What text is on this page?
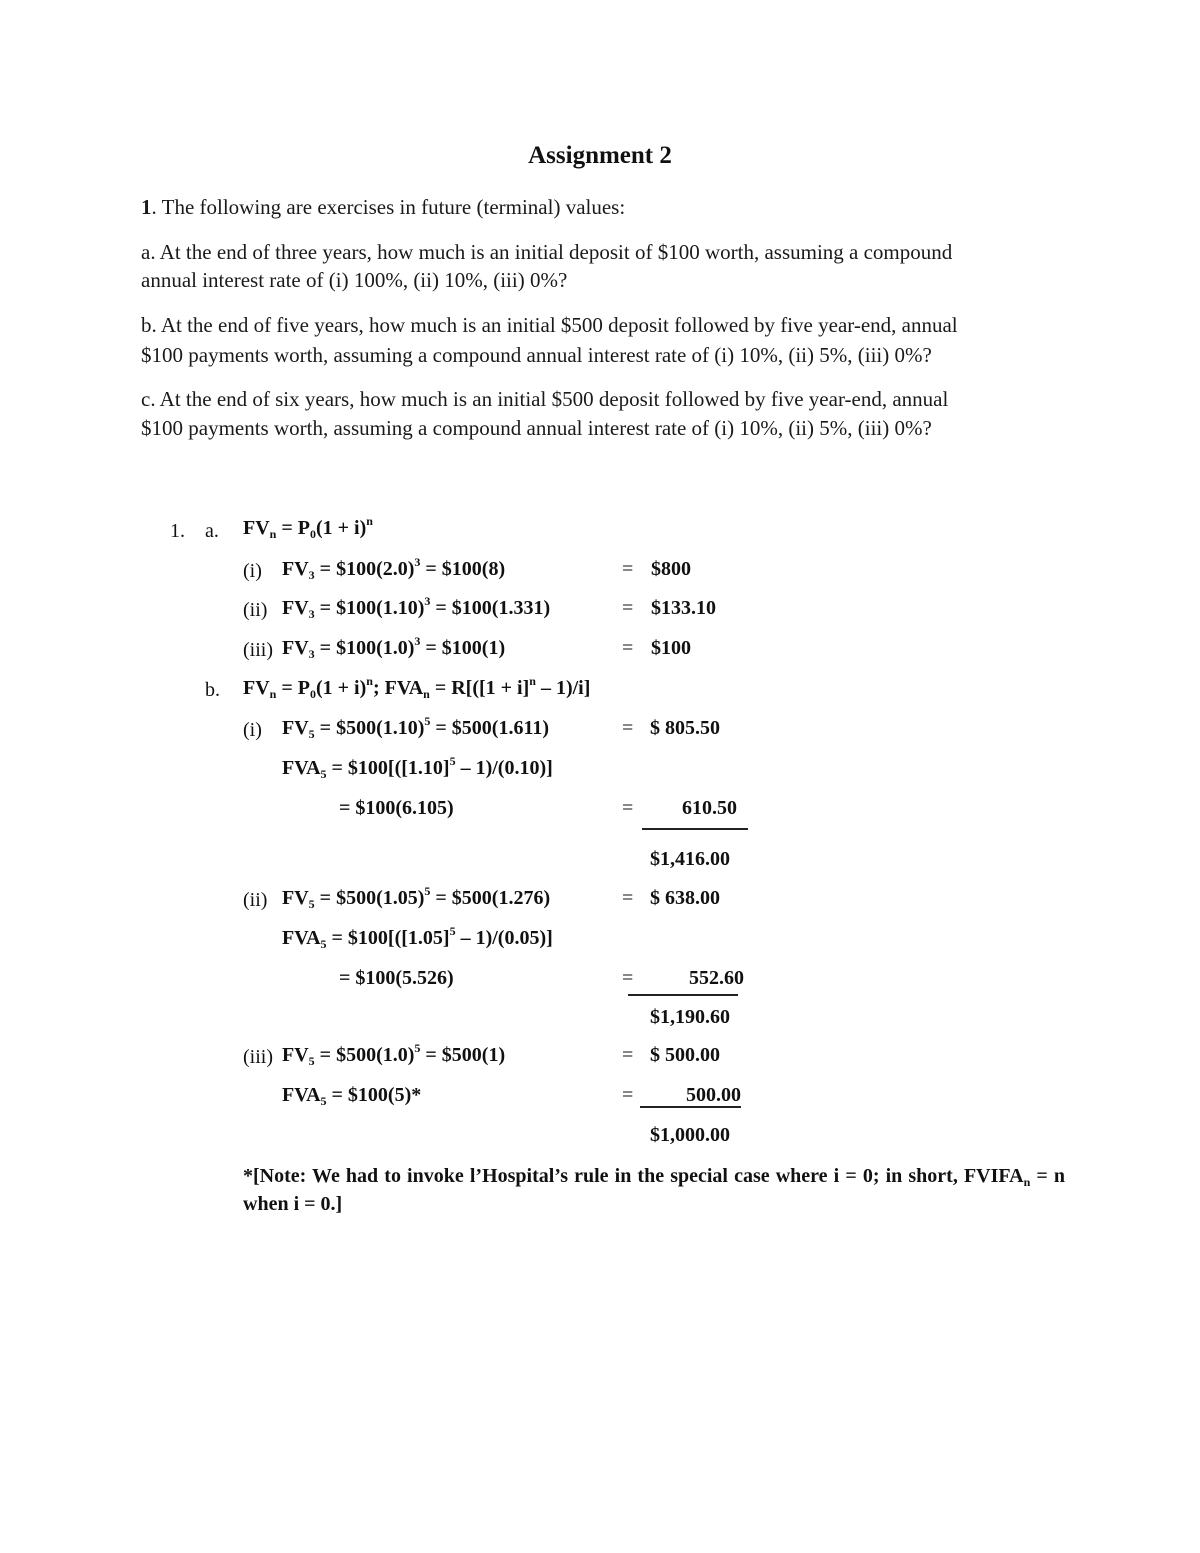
Assignment 2
1. The following are exercises in future (terminal) values:
a. At the end of three years, how much is an initial deposit of $100 worth, assuming a compound
annual interest rate of (i) 100%, (ii) 10%, (iii) 0%?
b. At the end of five years, how much is an initial $500 deposit followed by five year-end, annual
$100 payments worth, assuming a compound annual interest rate of (i) 10%, (ii) 5%, (iii) 0%?
c. At the end of six years, how much is an initial $500 deposit followed by five year-end, annual
$100 payments worth, assuming a compound annual interest rate of (i) 10%, (ii) 5%, (iii) 0%?
1. a. $FV_n = P_0(1 + i)^n$
(i) $FV_3$ = $\$100(2.0)^3$ = $100(8)	= $800
(ii) $FV_3$ = $\$100(1.10)^3$ = $100(1.331)	= $133.10
(iii) $FV_3$ = $\$100(1.0)^3$ = $100(1)	= $100
b. $FV_n = P_0(1 + i)^n$; $FVA_n = R[([1 + i]^n - 1)/i]$
(i) $FV_5$ = $\$500(1.10)^5$ = $500(1.611)	= $ 805.50
$FVA_5$ = $\$100[([1.10]^5 - 1)/(0.10)]$
= $100(6.105)	=	610.50
$1,416.00
(ii) $FV_5$ = $\$500(1.05)^5$ = $500(1.276)	= $ 638.00
$FVA_5$ = $\$100[([1.05]^5 - 1)/(0.05)]$
= $100(5.526)	=	552.60
$1,190.60
(iii) $FV_5$ = $\$500(1.0)^5$ = $500(1)	= $ 500.00
$FVA_5$ = $100(5)*	=	500.00
$1,000.00
*[Note: We had to invoke l’Hospital’s rule in the special case where i = 0; in short, $FVIFA_n = n$ when i = 0.]
